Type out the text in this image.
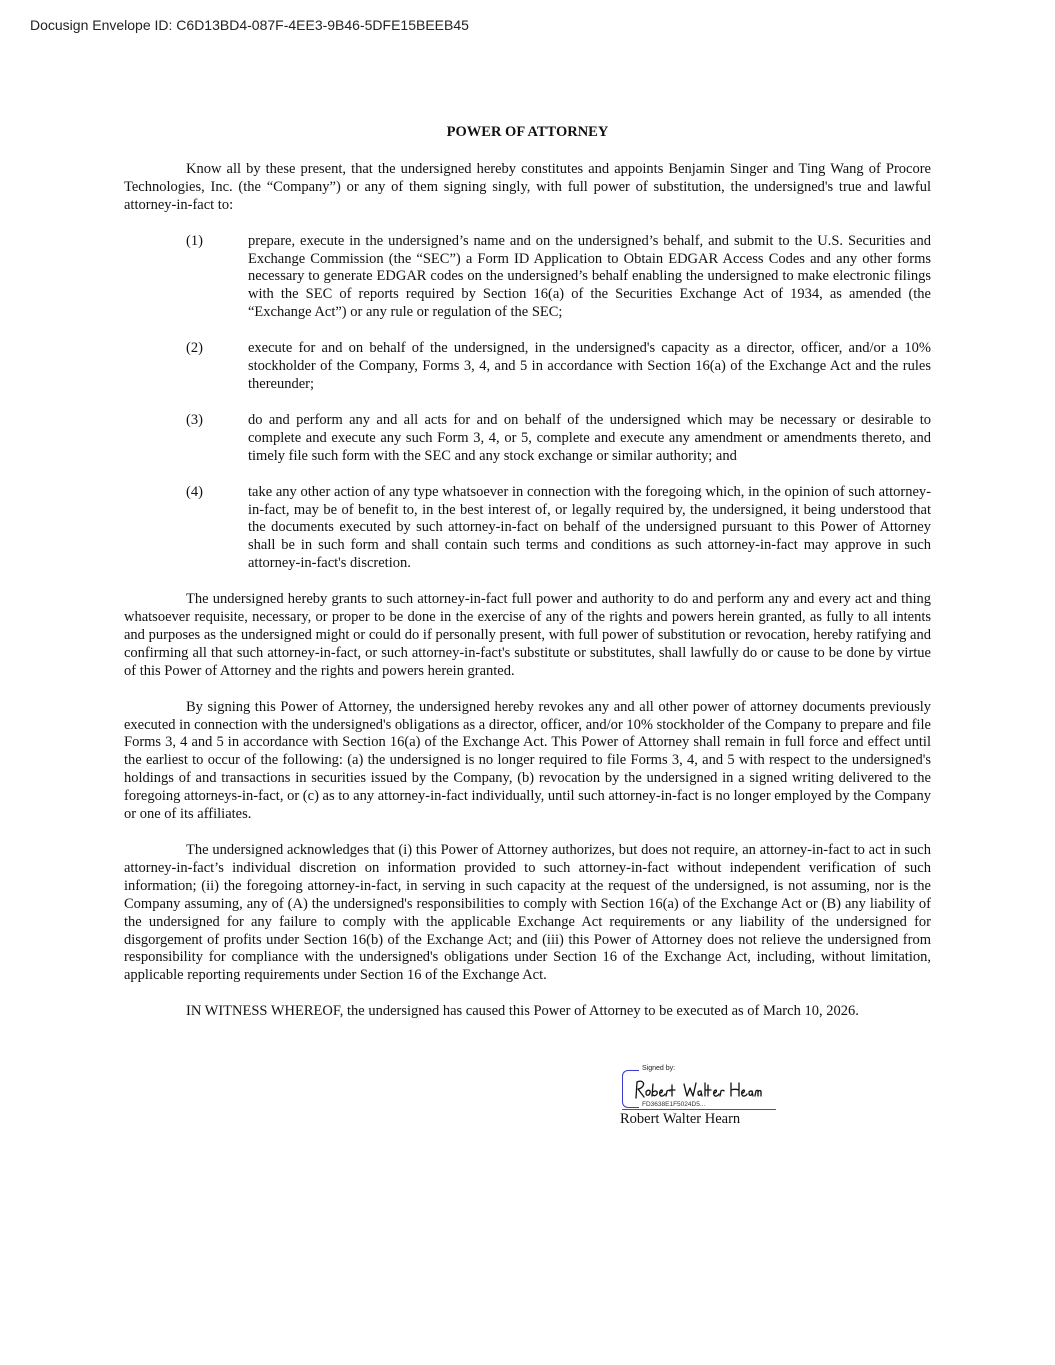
Docusign Envelope ID: C6D13BD4-087F-4EE3-9B46-5DFE15BEEB45
POWER OF ATTORNEY

Know all by these present, that the undersigned hereby constitutes and appoints Benjamin Singer and Ting Wang of Procore Technologies, Inc. (the “Company”) or any of them signing singly, with full power of substitution, the undersigned's true and lawful attorney-in-fact to:

(1)	prepare, execute in the undersigned’s name and on the undersigned’s behalf, and submit to the U.S. Securities and Exchange Commission (the “SEC”) a Form ID Application to Obtain EDGAR Access Codes and any other forms necessary to generate EDGAR codes on the undersigned’s behalf enabling the undersigned to make electronic filings with the SEC of reports required by Section 16(a) of the Securities Exchange Act of 1934, as amended (the “Exchange Act”) or any rule or regulation of the SEC;
(2)	execute for and on behalf of the undersigned, in the undersigned's capacity as a director, officer, and/or a 10% stockholder of the Company, Forms 3, 4, and 5 in accordance with Section 16(a) of the Exchange Act and the rules thereunder;
(3)	do and perform any and all acts for and on behalf of the undersigned which may be necessary or desirable to complete and execute any such Form 3, 4, or 5, complete and execute any amendment or amendments thereto, and timely file such form with the SEC and any stock exchange or similar authority; and
(4)	take any other action of any type whatsoever in connection with the foregoing which, in the opinion of such attorney-in-fact, may be of benefit to, in the best interest of, or legally required by, the undersigned, it being understood that the documents executed by such attorney-in-fact on behalf of the undersigned pursuant to this Power of Attorney shall be in such form and shall contain such terms and conditions as such attorney-in-fact may approve in such attorney-in-fact's discretion.

The undersigned hereby grants to such attorney-in-fact full power and authority to do and perform any and every act and thing whatsoever requisite, necessary, or proper to be done in the exercise of any of the rights and powers herein granted, as fully to all intents and purposes as the undersigned might or could do if personally present, with full power of substitution or revocation, hereby ratifying and confirming all that such attorney-in-fact, or such attorney-in-fact's substitute or substitutes, shall lawfully do or cause to be done by virtue of this Power of Attorney and the rights and powers herein granted.

By signing this Power of Attorney, the undersigned hereby revokes any and all other power of attorney documents previously executed in connection with the undersigned's obligations as a director, officer, and/or 10% stockholder of the Company to prepare and file Forms 3, 4 and 5 in accordance with Section 16(a) of the Exchange Act. This Power of Attorney shall remain in full force and effect until the earliest to occur of the following: (a) the undersigned is no longer required to file Forms 3, 4, and 5 with respect to the undersigned's holdings of and transactions in securities issued by the Company, (b) revocation by the undersigned in a signed writing delivered to the foregoing attorneys-in-fact, or (c) as to any attorney-in-fact individually, until such attorney-in-fact is no longer employed by the Company or one of its affiliates.

The undersigned acknowledges that (i) this Power of Attorney authorizes, but does not require, an attorney-in-fact to act in such attorney-in-fact’s individual discretion on information provided to such attorney-in-fact without independent verification of such information; (ii) the foregoing attorney-in-fact, in serving in such capacity at the request of the undersigned, is not assuming, nor is the Company assuming, any of (A) the undersigned's responsibilities to comply with Section 16(a) of the Exchange Act or (B) any liability of the undersigned for any failure to comply with the applicable Exchange Act requirements or any liability of the undersigned for disgorgement of profits under Section 16(b) of the Exchange Act; and (iii) this Power of Attorney does not relieve the undersigned from responsibility for compliance with the undersigned's obligations under Section 16 of the Exchange Act, including, without limitation, applicable reporting requirements under Section 16 of the Exchange Act.

IN WITNESS WHEREOF, the undersigned has caused this Power of Attorney to be executed as of March 10, 2026.

Signed by:
FD3638E1F5024D5...
Robert Walter Hearn
